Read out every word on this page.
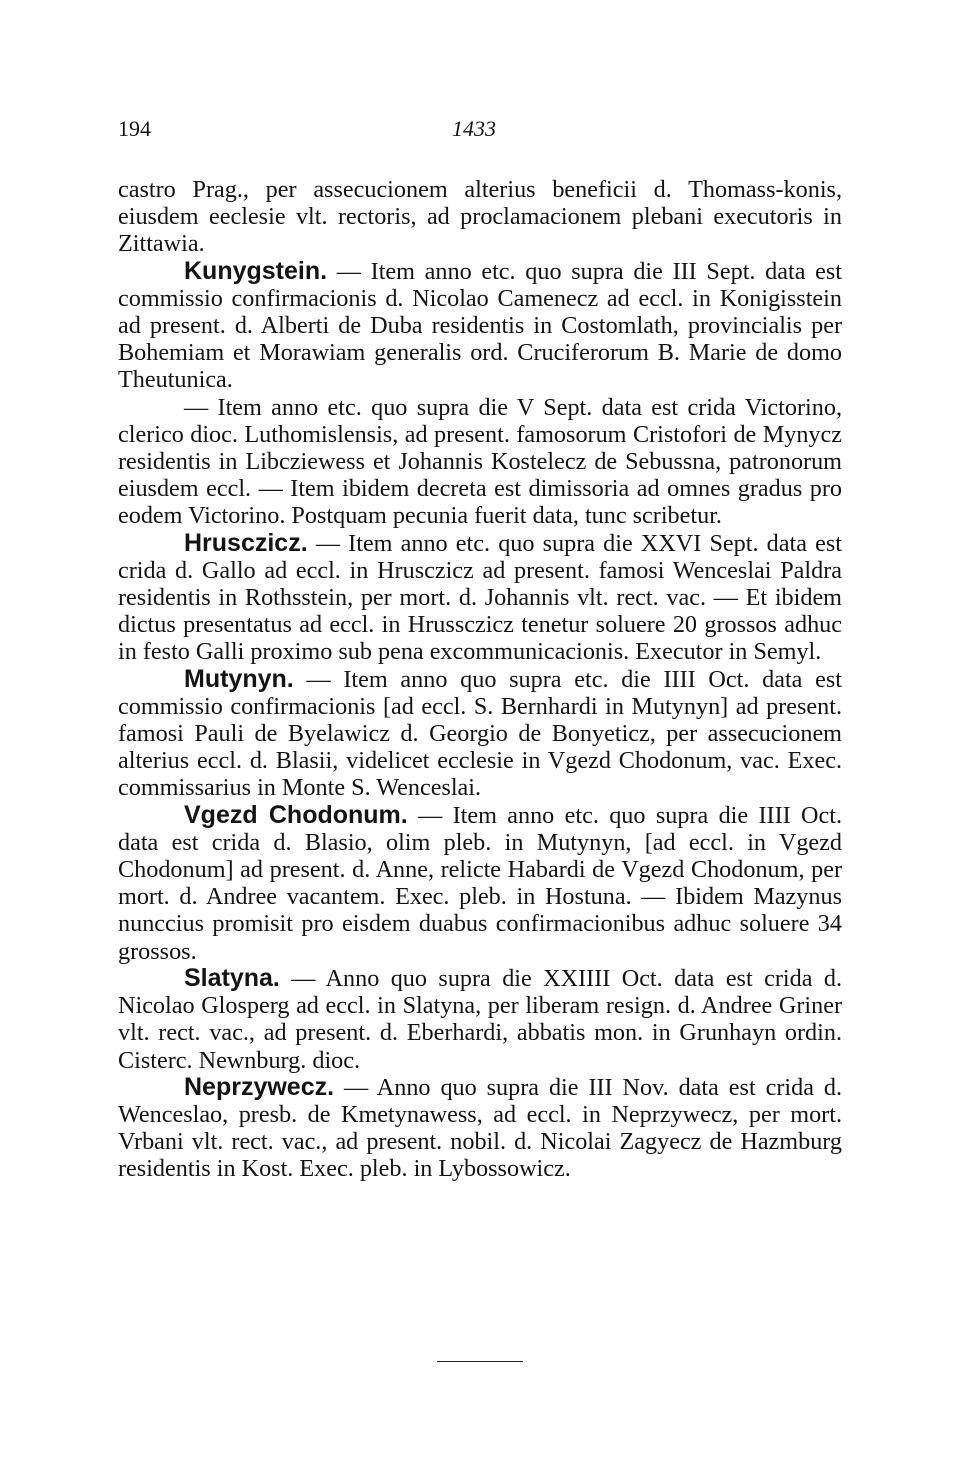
194	1433

castro Prag., per assecucionem alterius beneficii d. Thomass-konis, eiusdem eeclesie vlt. rectoris, ad proclamacionem plebani executoris in Zittawia.

Kunygstein. — Item anno etc. quo supra die III Sept. data est commissio confirmacionis d. Nicolao Camenecz ad eccl. in Konigisstein ad present. d. Alberti de Duba residentis in Costomlath, provincialis per Bohemiam et Morawiam generalis ord. Cruciferorum B. Marie de domo Theutunica.

— Item anno etc. quo supra die V Sept. data est crida Victorino, clerico dioc. Luthomislensis, ad present. famosorum Cristofori de Mynycz residentis in Libcziewess et Johannis Kostelecz de Sebussna, patronorum eiusdem eccl. — Item ibidem decreta est dimissoria ad omnes gradus pro eodem Victorino. Postquam pecunia fuerit data, tunc scribetur.

Hrusczicz. — Item anno etc. quo supra die XXVI Sept. data est crida d. Gallo ad eccl. in Hrusczicz ad present. famosi Wenceslai Paldra residentis in Rothsstein, per mort. d. Johannis vlt. rect. vac. — Et ibidem dictus presentatus ad eccl. in Hrussczicz tenetur soluere 20 grossos adhuc in festo Galli proximo sub pena excommunicacionis. Executor in Semyl.

Mutynyn. — Item anno quo supra etc. die IIII Oct. data est commissio confirmacionis [ad eccl. S. Bernhardi in Mutynyn] ad present. famosi Pauli de Byelawicz d. Georgio de Bonyeticz, per assecucionem alterius eccl. d. Blasii, videlicet ecclesie in Vgezd Chodonum, vac. Exec. commissarius in Monte S. Wenceslai.

Vgezd Chodonum. — Item anno etc. quo supra die IIII Oct. data est crida d. Blasio, olim pleb. in Mutynyn, [ad eccl. in Vgezd Chodonum] ad present. d. Anne, relicte Habardi de Vgezd Chodonum, per mort. d. Andree vacantem. Exec. pleb. in Hostuna. — Ibidem Mazynus nunccius promisit pro eisdem duabus confirmacionibus adhuc soluere 34 grossos.

Slatyna. — Anno quo supra die XXIIII Oct. data est crida d. Nicolao Glosperg ad eccl. in Slatyna, per liberam resign. d. Andree Griner vlt. rect. vac., ad present. d. Eberhardi, abbatis mon. in Grunhayn ordin. Cisterc. Newnburg. dioc.

Neprzywecz. — Anno quo supra die III Nov. data est crida d. Wenceslao, presb. de Kmetynawess, ad eccl. in Neprzywecz, per mort. Vrbani vlt. rect. vac., ad present. nobil. d. Nicolai Zagyecz de Hazmburg residentis in Kost. Exec. pleb. in Lybossowicz.
